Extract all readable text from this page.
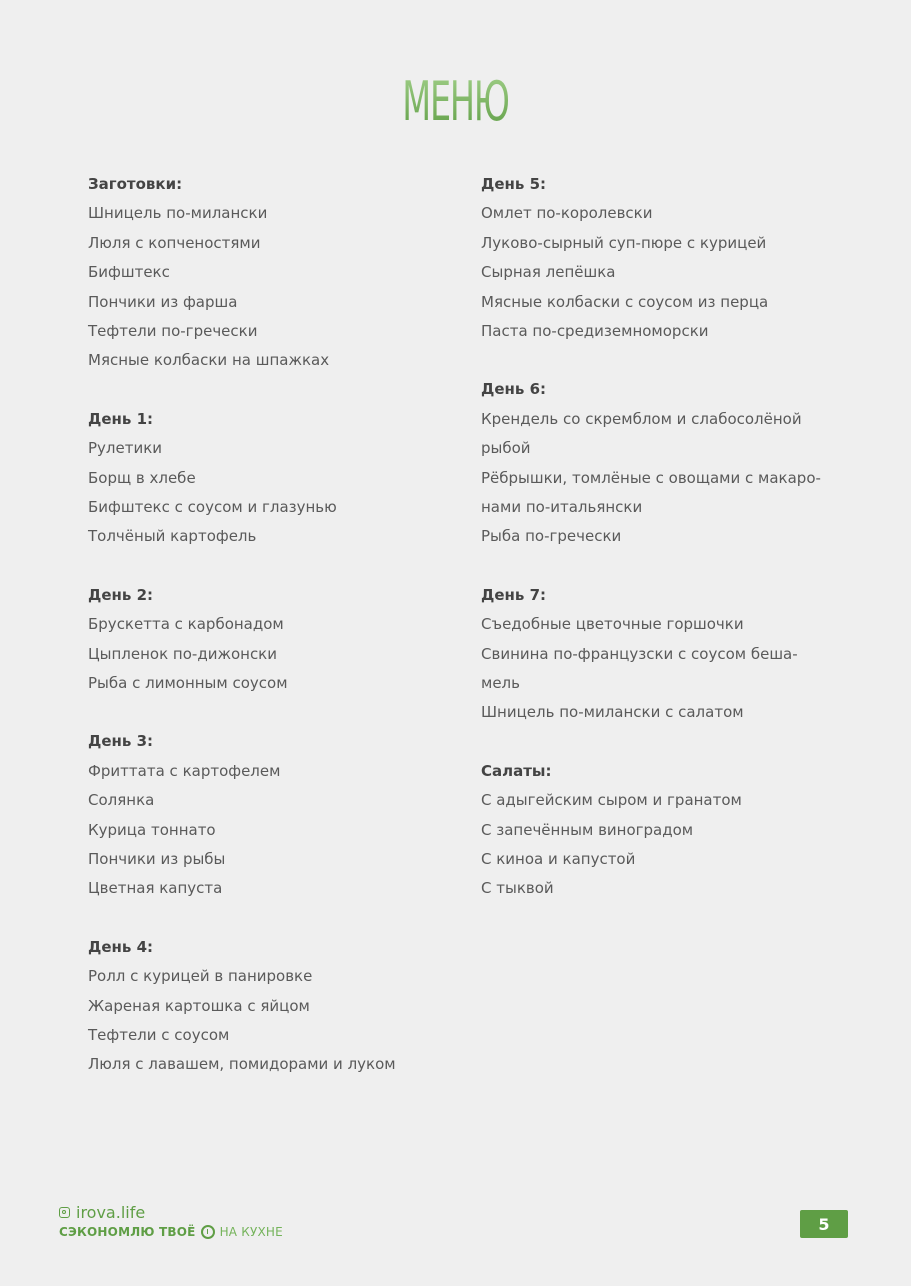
МЕНЮ

Заготовки:

Шницель по-милански

Люля с копченостями

Бифштекс

Пончики из фарша

Тефтели по-гречески

Мясные колбаски на шпажках

День 1:

Рулетики

Борщ в хлебе

Бифштекс с соусом и глазунью

Толчёный картофель

День 2:

Брускетта с карбонадом

Цыпленок по-дижонски

Рыба с лимонным соусом

День 3:

Фриттата с картофелем

Солянка

Курица тоннато

Пончики из рыбы

Цветная капуста

День 4:

Ролл с курицей в панировке

Жареная картошка с яйцом

Тефтели с соусом

Люля с лавашем, помидорами и луком

День 5:

Омлет по-королевски

Луково-сырный суп-пюре с курицей

Сырная лепёшка

Мясные колбаски с соусом из перца

Паста по-средиземноморски

День 6:

Крендель со скремблом и слабосолёной

рыбой

Рёбрышки, томлёные с овощами с макаро-

нами по-итальянски

Рыба по-гречески

День 7:

Съедобные цветочные горшочки

Свинина по-французски с соусом беша-

мель

Шницель по-милански с салатом

Салаты:

С адыгейским сыром и гранатом

С запечённым виноградом

С киноа и капустой

С тыквой

irova.life
СЭКОНОМЛЮ ТВОЁ НА КУХНЕ	5
